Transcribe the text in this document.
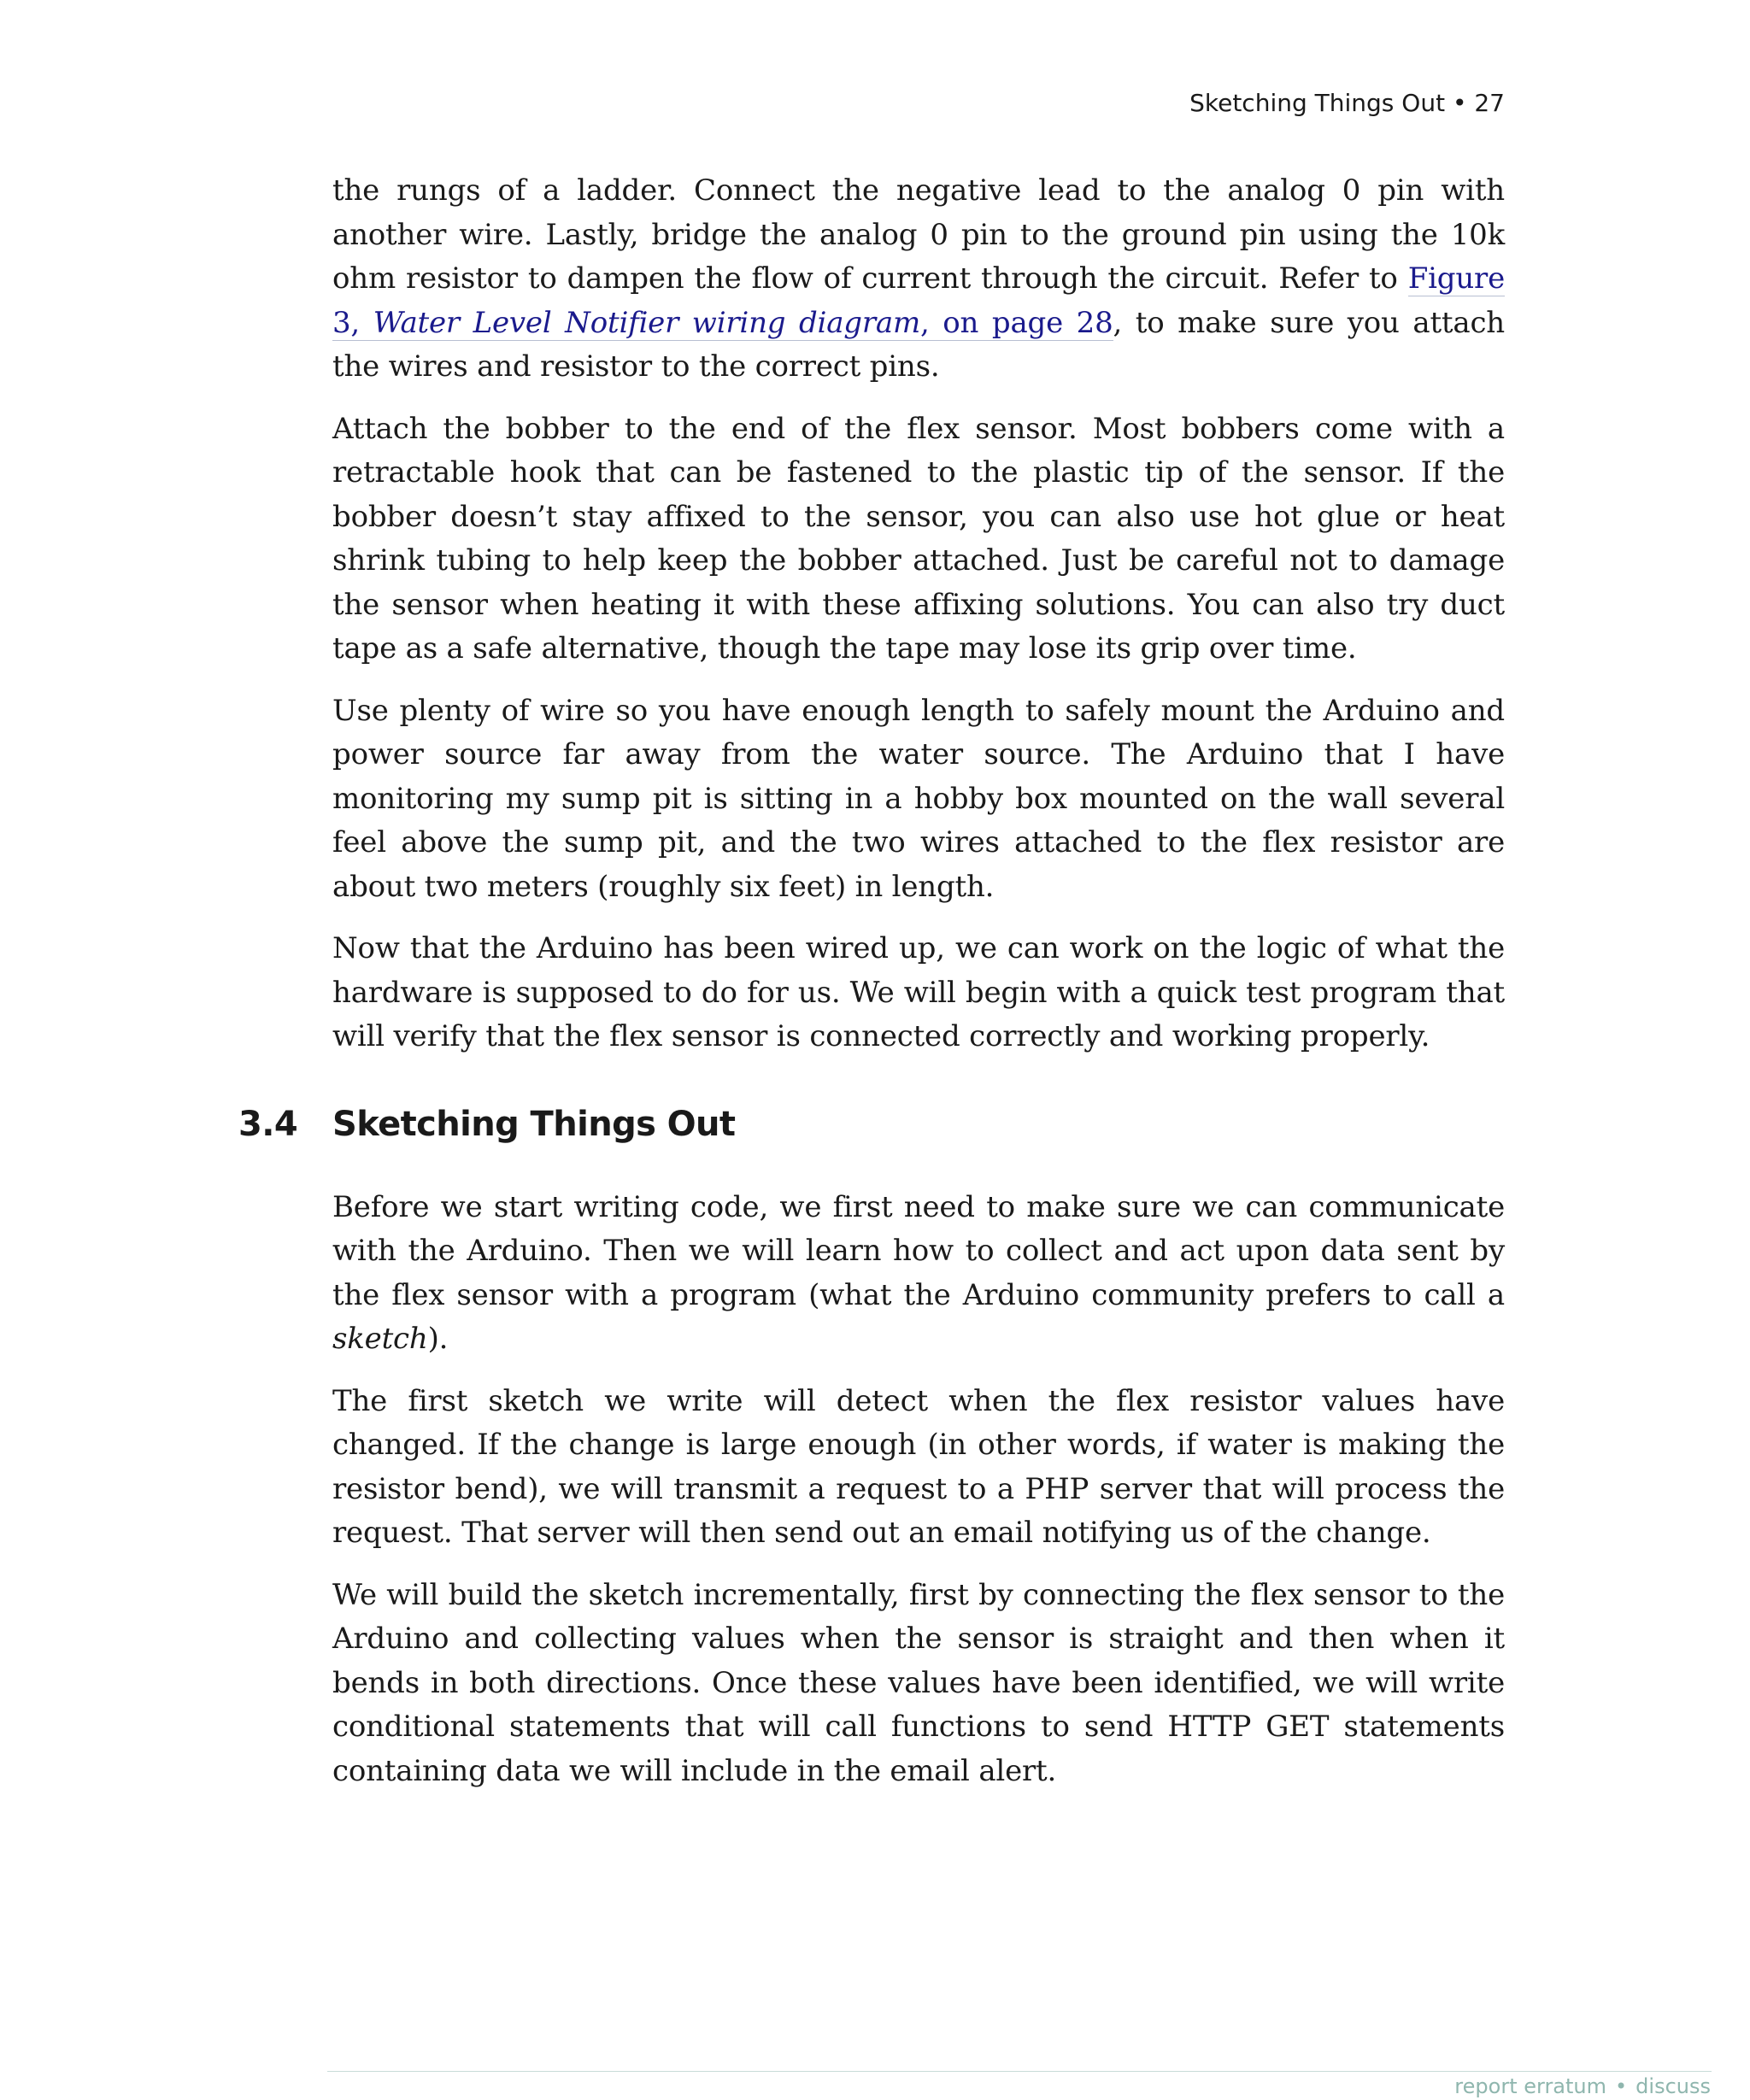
Sketching Things Out • 27

the rungs of a ladder. Connect the negative lead to the analog 0 pin with another wire. Lastly, bridge the analog 0 pin to the ground pin using the 10k ohm resistor to dampen the flow of current through the circuit. Refer to Figure 3, Water Level Notifier wiring diagram, on page 28, to make sure you attach the wires and resistor to the correct pins.

Attach the bobber to the end of the flex sensor. Most bobbers come with a retractable hook that can be fastened to the plastic tip of the sensor. If the bobber doesn’t stay affixed to the sensor, you can also use hot glue or heat shrink tubing to help keep the bobber attached. Just be careful not to damage the sensor when heating it with these affixing solutions. You can also try duct tape as a safe alternative, though the tape may lose its grip over time.

Use plenty of wire so you have enough length to safely mount the Arduino and power source far away from the water source. The Arduino that I have monitoring my sump pit is sitting in a hobby box mounted on the wall several feel above the sump pit, and the two wires attached to the flex resistor are about two meters (roughly six feet) in length.

Now that the Arduino has been wired up, we can work on the logic of what the hardware is supposed to do for us. We will begin with a quick test program that will verify that the flex sensor is connected correctly and working properly.

3.4 Sketching Things Out

Before we start writing code, we first need to make sure we can communicate with the Arduino. Then we will learn how to collect and act upon data sent by the flex sensor with a program (what the Arduino community prefers to call a sketch).

The first sketch we write will detect when the flex resistor values have changed. If the change is large enough (in other words, if water is making the resistor bend), we will transmit a request to a PHP server that will process the request. That server will then send out an email notifying us of the change.

We will build the sketch incrementally, first by connecting the flex sensor to the Arduino and collecting values when the sensor is straight and then when it bends in both directions. Once these values have been identified, we will write conditional statements that will call functions to send HTTP GET statements containing data we will include in the email alert.

report erratum • discuss
